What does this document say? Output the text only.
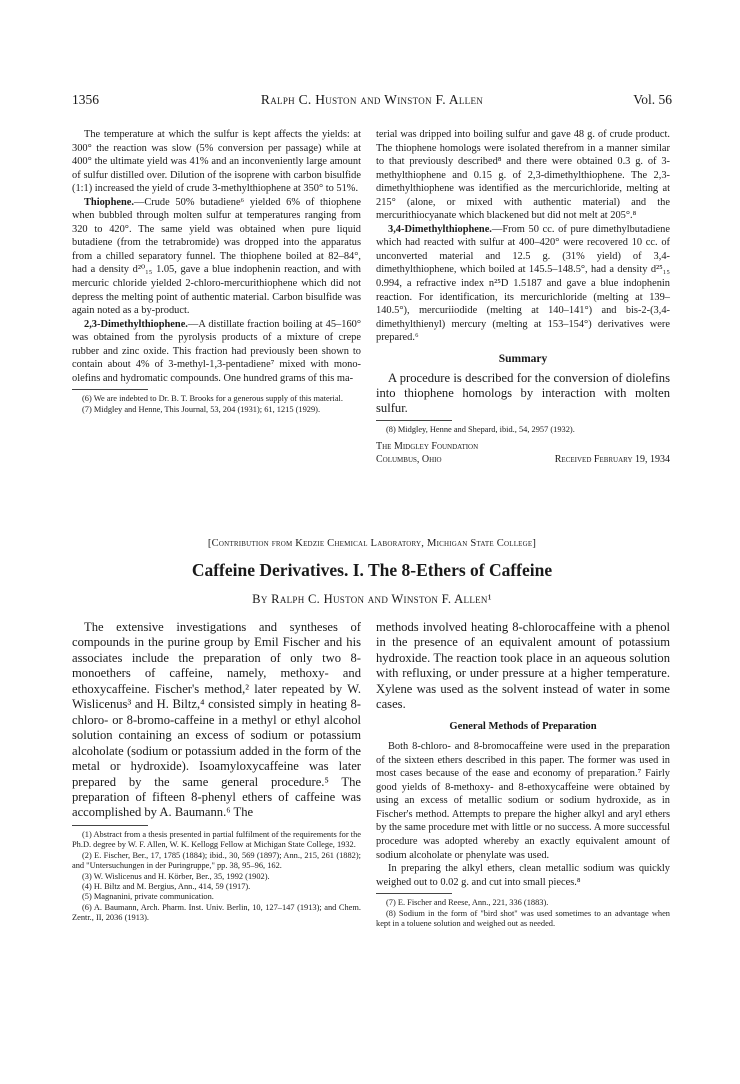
1356	Ralph C. Huston and Winston F. Allen	Vol. 56

The temperature at which the sulfur is kept affects the yields: at 300° the reaction was slow (5% conversion per passage) while at 400° the ultimate yield was 41% and an inconveniently large amount of sulfur distilled over. Dilution of the isoprene with carbon bisulfide (1:1) increased the yield of crude 3-methylthiophene at 350° to 51%.

Thiophene.—Crude 50% butadiene⁶ yielded 6% of thiophene when bubbled through molten sulfur at temperatures ranging from 320 to 420°. The same yield was obtained when pure liquid butadiene (from the tetrabromide) was dropped into the apparatus from a chilled separatory funnel. The thiophene boiled at 82–84°, had a density d²⁰₁₅ 1.05, gave a blue indophenin reaction, and with mercuric chloride yielded 2-chloro-mercurithiophene which did not depress the melting point of authentic material. Carbon bisulfide was again noted as a by-product.

2,3-Dimethylthiophene.—A distillate fraction boiling at 45–160° was obtained from the pyrolysis products of a mixture of crepe rubber and zinc oxide. This fraction had previously been shown to contain about 4% of 3-methyl-1,3-pentadiene⁷ mixed with mono-olefins and hydromatic compounds. One hundred grams of this ma-

(6) We are indebted to Dr. B. T. Brooks for a generous supply of this material.

(7) Midgley and Henne, This Journal, 53, 204 (1931); 61, 1215 (1929).

terial was dripped into boiling sulfur and gave 48 g. of crude product. The thiophene homologs were isolated therefrom in a manner similar to that previously described⁸ and there were obtained 0.3 g. of 3-methylthiophene and 0.15 g. of 2,3-dimethylthiophene. The 2,3-dimethylthiophene was identified as the mercurichloride, melting at 215° (alone, or mixed with authentic material) and the mercurithiocyanate which blackened but did not melt at 205°.⁸

3,4-Dimethylthiophene.—From 50 cc. of pure dimethylbutadiene which had reacted with sulfur at 400–420° were recovered 10 cc. of unconverted material and 12.5 g. (31% yield) of 3,4-dimethylthiophene, which boiled at 145.5–148.5°, had a density d²⁵₁₅ 0.994, a refractive index n²⁵D 1.5187 and gave a blue indophenin reaction. For identification, its mercurichloride (melting at 139–140.5°), mercuriiodide (melting at 140–141°) and bis-2-(3,4-dimethylthienyl) mercury (melting at 153–154°) derivatives were prepared.⁶

Summary

A procedure is described for the conversion of diolefins into thiophene homologs by interaction with molten sulfur.

(8) Midgley, Henne and Shepard, ibid., 54, 2957 (1932).

The Midgley Foundation
Columbus, Ohio	Received February 19, 1934
[Contribution from Kedzie Chemical Laboratory, Michigan State College]
Caffeine Derivatives. I. The 8-Ethers of Caffeine
By Ralph C. Huston and Winston F. Allen¹

The extensive investigations and syntheses of compounds in the purine group by Emil Fischer and his associates include the preparation of only two 8-monoethers of caffeine, namely, methoxy- and ethoxycaffeine. Fischer's method,² later repeated by W. Wislicenus³ and H. Biltz,⁴ consisted simply in heating 8-chloro- or 8-bromo-caffeine in a methyl or ethyl alcohol solution containing an excess of sodium or potassium alcoholate (sodium or potassium added in the form of the metal or hydroxide). Isoamyloxycaffeine was later prepared by the same general procedure.⁵ The preparation of fifteen 8-phenyl ethers of caffeine was accomplished by A. Baumann.⁶ The

(1) Abstract from a thesis presented in partial fulfilment of the requirements for the Ph.D. degree by W. F. Allen, W. K. Kellogg Fellow at Michigan State College, 1932.

(2) E. Fischer, Ber., 17, 1785 (1884); ibid., 30, 569 (1897); Ann., 215, 261 (1882); and "Untersuchungen in der Puringruppe," pp. 38, 95–96, 162.

(3) W. Wislicenus and H. Körber, Ber., 35, 1992 (1902).

(4) H. Biltz and M. Bergius, Ann., 414, 59 (1917).

(5) Magnanini, private communication.

(6) A. Baumann, Arch. Pharm. Inst. Univ. Berlin, 10, 127–147 (1913); and Chem. Zentr., II, 2036 (1913).

methods involved heating 8-chlorocaffeine with a phenol in the presence of an equivalent amount of potassium hydroxide. The reaction took place in an aqueous solution with refluxing, or under pressure at a higher temperature. Xylene was used as the solvent instead of water in some cases.

General Methods of Preparation

Both 8-chloro- and 8-bromocaffeine were used in the preparation of the sixteen ethers described in this paper. The former was used in most cases because of the ease and economy of preparation.⁷ Fairly good yields of 8-methoxy- and 8-ethoxycaffeine were obtained by using an excess of metallic sodium or sodium hydroxide, as in Fischer's method. Attempts to prepare the higher alkyl and aryl ethers by the same procedure met with little or no success. A more successful procedure was adopted whereby an exactly equivalent amount of sodium alcoholate or phenylate was used.

In preparing the alkyl ethers, clean metallic sodium was quickly weighed out to 0.02 g. and cut into small pieces.⁸

(7) E. Fischer and Reese, Ann., 221, 336 (1883).

(8) Sodium in the form of "bird shot" was used sometimes to an advantage when kept in a toluene solution and weighed out as needed.
